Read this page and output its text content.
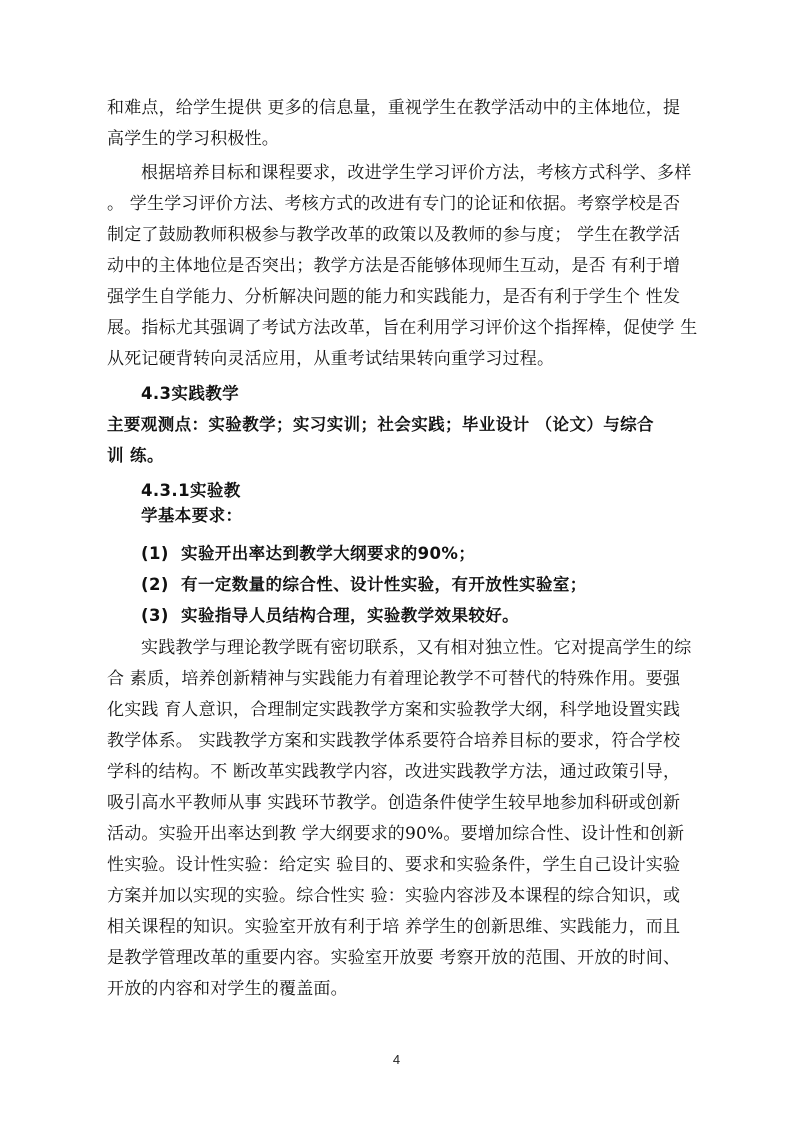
和难点，给学生提供 更多的信息量，重视学生在教学活动中的主体地位，提
高学生的学习积极性。
根据培养目标和课程要求，改进学生学习评价方法，考核方式科学、多样
。 学生学习评价方法、考核方式的改进有专门的论证和依据。考察学校是否
制定了鼓励教师积极参与教学改革的政策以及教师的参与度； 学生在教学活
动中的主体地位是否突出；教学方法是否能够体现师生互动，是否 有利于增
强学生自学能力、分析解决问题的能力和实践能力，是否有利于学生个 性发
展。指标尤其强调了考试方法改革，旨在利用学习评价这个指挥棒，促使学 生
从死记硬背转向灵活应用，从重考试结果转向重学习过程。
4.3实践教学
主要观测点：实验教学；实习实训；社会实践；毕业设计 （论文）与综合
训 练。
4.3.1实验教
学基本要求：
(1)  实验开出率达到教学大纲要求的90%；
(2)  有一定数量的综合性、设计性实验，有开放性实验室；
(3)  实验指导人员结构合理，实验教学效果较好。
实践教学与理论教学既有密切联系，又有相对独立性。它对提高学生的综
合 素质，培养创新精神与实践能力有着理论教学不可替代的特殊作用。要强
化实践 育人意识，合理制定实践教学方案和实验教学大纲，科学地设置实践
教学体系。 实践教学方案和实践教学体系要符合培养目标的要求，符合学校
学科的结构。不 断改革实践教学内容，改进实践教学方法，通过政策引导，
吸引高水平教师从事 实践环节教学。创造条件使学生较早地参加科研或创新
活动。实验开出率达到教 学大纲要求的90%。要增加综合性、设计性和创新
性实验。设计性实验：给定实 验目的、要求和实验条件，学生自己设计实验
方案并加以实现的实验。综合性实 验：实验内容涉及本课程的综合知识，或
相关课程的知识。实验室开放有利于培 养学生的创新思维、实践能力，而且
是教学管理改革的重要内容。实验室开放要 考察开放的范围、开放的时间、
开放的内容和对学生的覆盖面。
4
